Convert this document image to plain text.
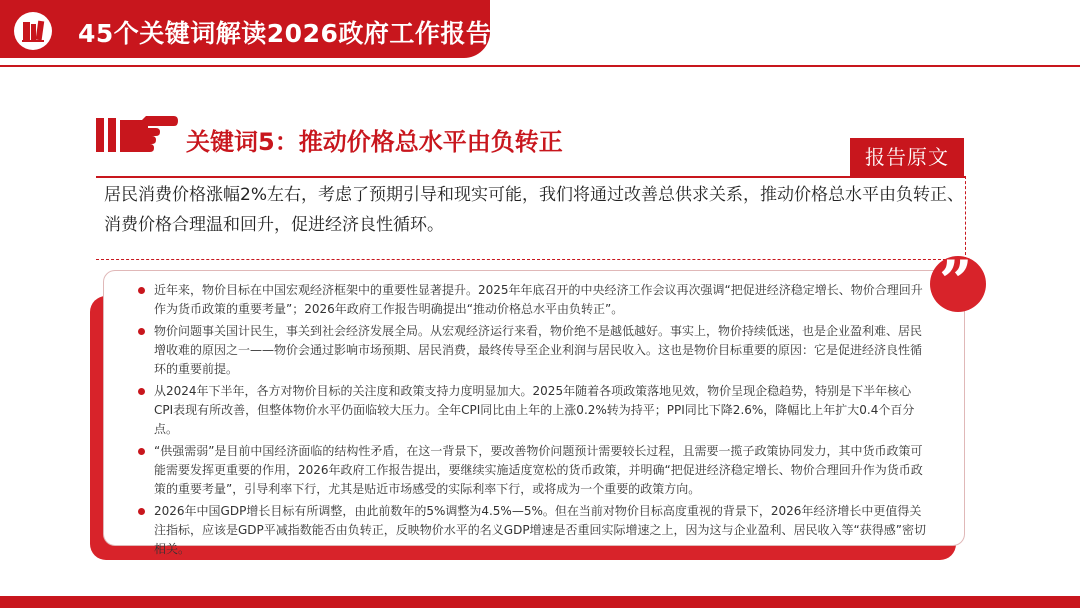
45个关键词解读2026政府工作报告
关键词5：推动价格总水平由负转正
报告原文
居民消费价格涨幅2%左右，考虑了预期引导和现实可能，我们将通过改善总供求关系，推动价格总水平由负转正、消费价格合理温和回升，促进经济良性循环。
近年来，物价目标在中国宏观经济框架中的重要性显著提升。2025年年底召开的中央经济工作会议再次强调“把促进经济稳定增长、物价合理回升作为货币政策的重要考量”；2026年政府工作报告明确提出“推动价格总水平由负转正”。
物价问题事关国计民生，事关到社会经济发展全局。从宏观经济运行来看，物价绝不是越低越好。事实上，物价持续低迷，也是企业盈利难、居民增收难的原因之一——物价会通过影响市场预期、居民消费，最终传导至企业利润与居民收入。这也是物价目标重要的原因：它是促进经济良性循环的重要前提。
从2024年下半年，各方对物价目标的关注度和政策支持力度明显加大。2025年随着各项政策落地见效，物价呈现企稳趋势，特别是下半年核心CPI表现有所改善，但整体物价水平仍面临较大压力。全年CPI同比由上年的上涨0.2%转为持平；PPI同比下降2.6%，降幅比上年扩大0.4个百分点。
“供强需弱”是目前中国经济面临的结构性矛盾，在这一背景下，要改善物价问题预计需要较长过程，且需要一揽子政策协同发力，其中货币政策可能需要发挥更重要的作用，2026年政府工作报告提出，要继续实施适度宽松的货币政策，并明确“把促进经济稳定增长、物价合理回升作为货币政策的重要考量”，引导利率下行，尤其是贴近市场感受的实际利率下行，或将成为一个重要的政策方向。
2026年中国GDP增长目标有所调整，由此前数年的5%调整为4.5%—5%。但在当前对物价目标高度重视的背景下，2026年经济增长中更值得关注指标，应该是GDP平减指数能否由负转正，反映物价水平的名义GDP增速是否重回实际增速之上，因为这与企业盈利、居民收入等“获得感”密切相关。
”
